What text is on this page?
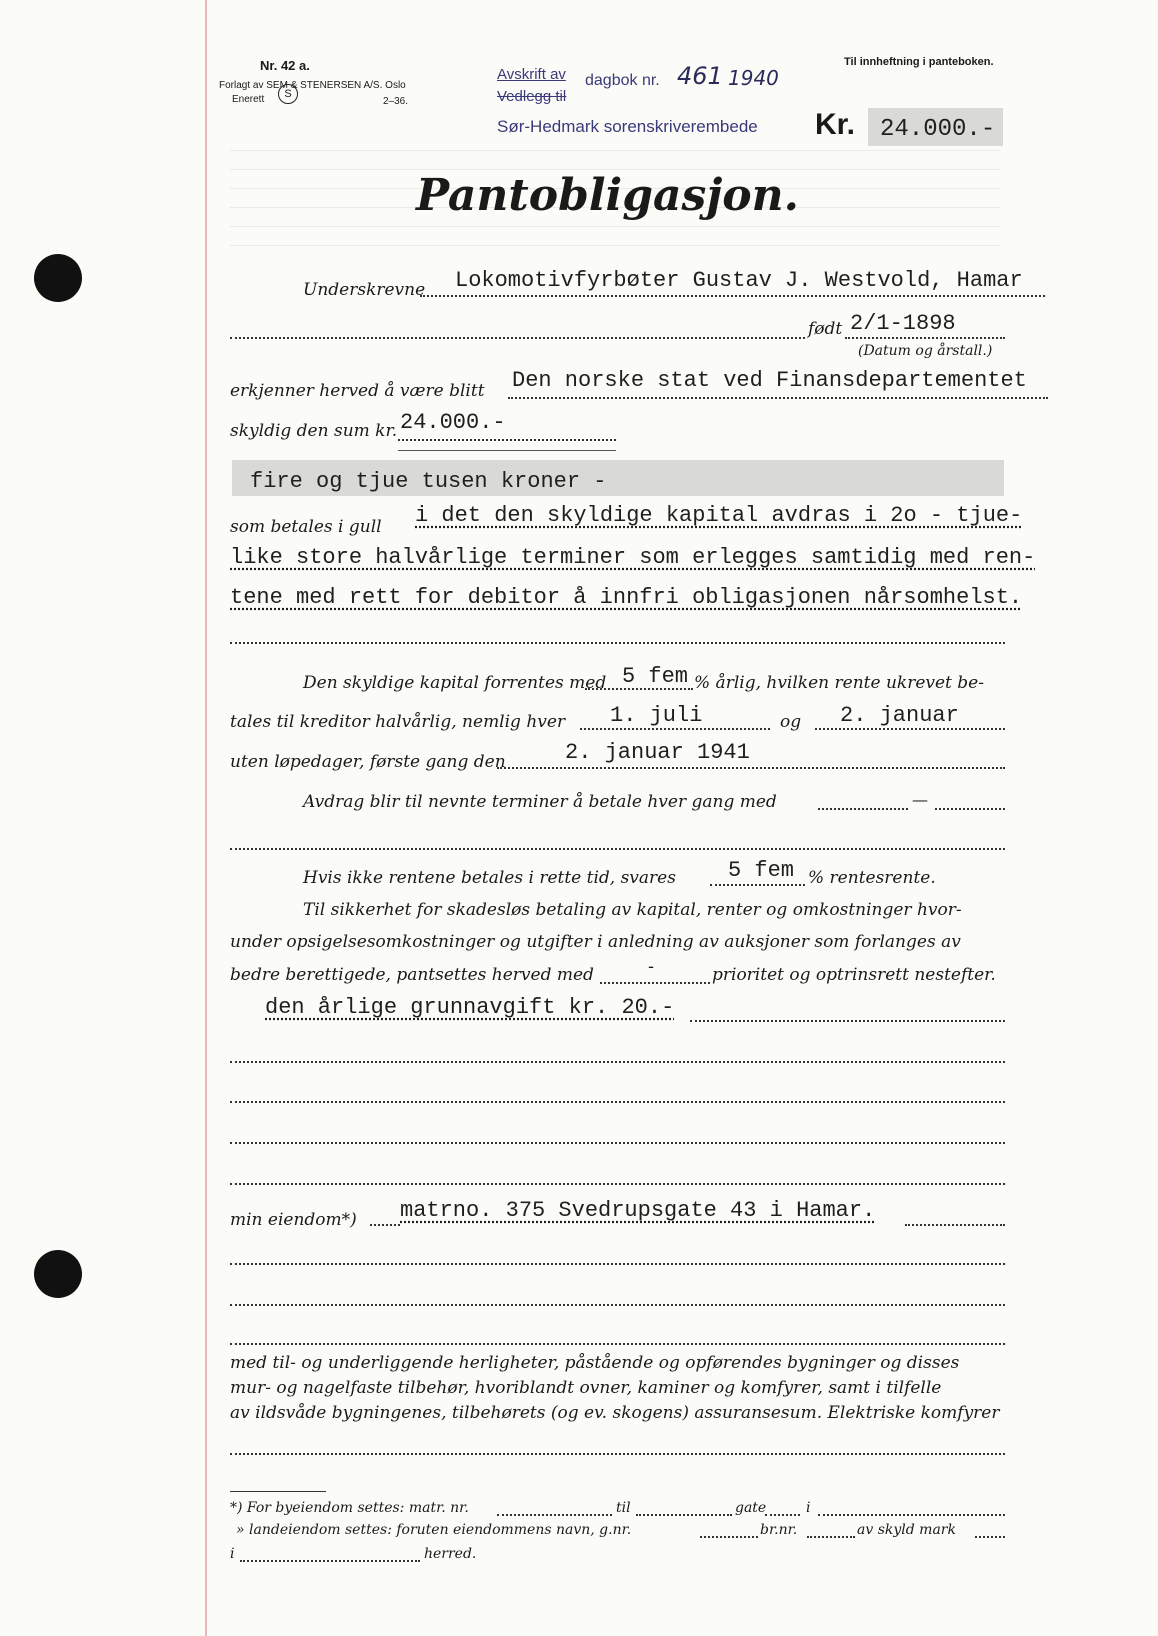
Nr. 42 a.
Forlagt av SEM & STENERSEN A/S. Oslo
Enerett	2–36.
S
Til innheftning i panteboken.
Avskrift av
Vedlegg til
dagbok nr. 461 1940
Sør-Hedmark sorenskriverembede Kr. 24.000.-
Pantobligasjon.
Underskrevne Lokomotivfyrbøter Gustav J. Westvold, Hamar
født 2/1-1898
(Datum og årstall.)
erkjenner herved å være blitt Den norske stat ved Finansdepartementet
skyldig den sum kr. 24.000.-
fire og tjue tusen kroner -
som betales i gull i det den skyldige kapital avdras i 2o - tjue-
like store halvårlige terminer som erlegges samtidig med ren-
tene med rett for debitor å innfri obligasjonen nårsomhelst.
Den skyldige kapital forrentes med 5 fem % årlig, hvilken rente ukrevet be-
tales til kreditor halvårlig, nemlig hver 1. juli	og 2. januar
uten løpedager, første gang den	2. januar 1941
Avdrag blir til nevnte terminer å betale hver gang med	—
Hvis ikke rentene betales i rette tid, svares 5 fem % rentesrente.
Til sikkerhet for skadesløs betaling av kapital, renter og omkostninger hvor-
under opsigelsesomkostninger og utgifter i anledning av auksjoner som forlanges av
bedre berettigede, pantsettes herved med	-	prioritet og optrinsrett nestefter.
den årlige grunnavgift kr. 20.-
min eiendom*) matrno. 375 Svedrupsgate 43 i Hamar.
med til- og underliggende herligheter, påstående og opførendes bygninger og disses
mur- og nagelfaste tilbehør, hvoriblandt ovner, kaminer og komfyrer, samt i tilfelle
av ildsvåde bygningenes, tilbehørets (og ev. skogens) assuransesum. Elektriske komfyrer
*) For byeiendom settes: matr. nr.	til	gate	i
» landeiendom settes: foruten eiendommens navn, g.nr.	br.nr.	av skyld mark
i	herred.
